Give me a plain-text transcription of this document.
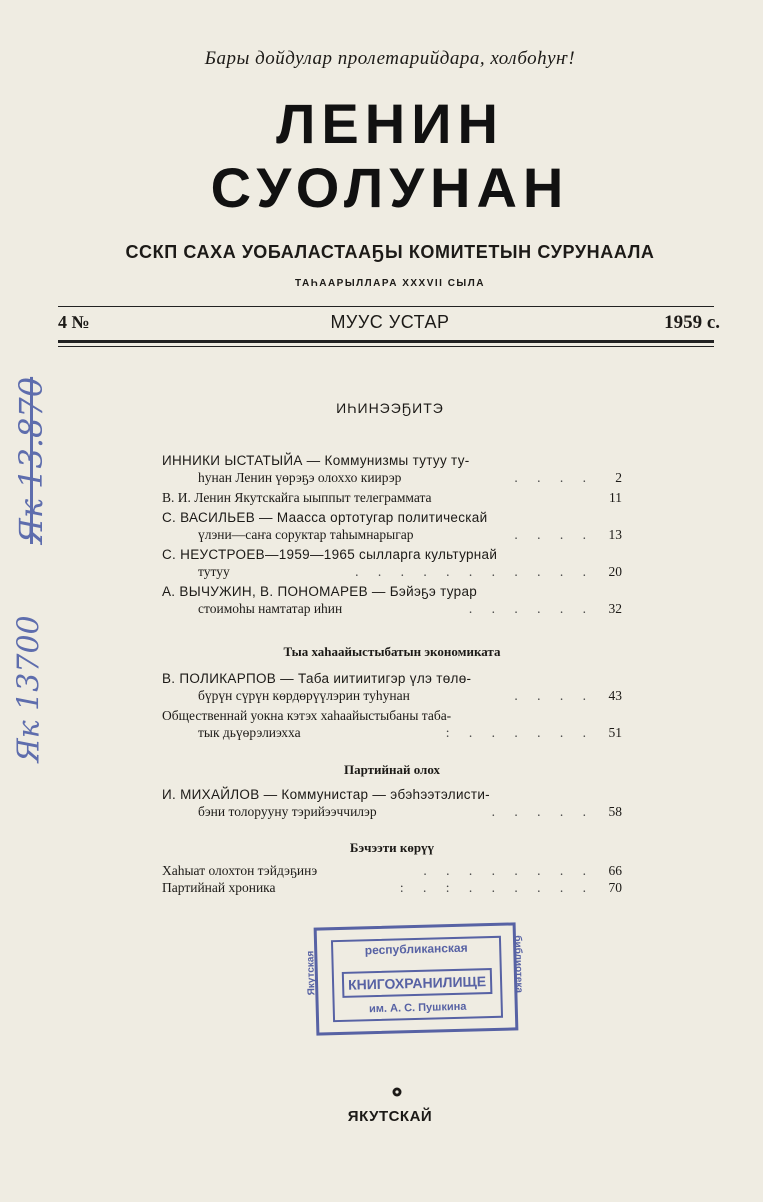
Бары дойдулар пролетарийдара, холбоһуҥ!
ЛЕНИН
СУОЛУНАН
ССКП САХА УОБАЛАСТААҔЫ КОМИТЕТЫН СУРУНААЛА
ТАҺААРЫЛЛАРА XXXVII СЫЛА
4 №	МУУС УСТАР	1959 с.
ИҺИНЭЭҔИТЭ
ИННИКИ ЫСТАТЫЙА — Коммунизмы тутуу ту-
һунан Ленин үөрэҕэ олоххо киирэр	. . . .	2
В. И. Ленин Якутскайга ыыппыт телеграммата	11
С. ВАСИЛЬЕВ — Маасса ортотугар политическай
үлэни—саҥа соруктар таһымнарыгар	. . . .	13
С. НЕУСТРОЕВ—1959—1965 сылларга культурнай
тутуу	. . . . . . . . . . .	20
А. ВЫЧУЖИН, В. ПОНОМАРЕВ — Бэйэҕэ турар
стоимоһы намтатар иһин	. . . . . .	32
Тыа хаһаайыстыбатын экономиката
В. ПОЛИКАРПОВ — Таба иитиитигэр үлэ төлө-
бүрүн сүрүн көрдөрүүлэрин туһунан	. . . .	43
Общественнай уокна кэтэх хаһаайыстыбаны таба-
тык дьүөрэлиэхха	: . . . . . .	51
Партийнай олох
И. МИХАЙЛОВ — Коммунистар — эбэһээтэлисти-
бэни толорууну тэрийээччилэр	. . . . .	58
Бэчээти көрүү
Хаһыат олохтон тэйдэҕинэ	. . . . . . . .	66
Партийнай хроника	: . : . . . . . .	70
республиканская
КНИГОХРАНИЛИЩЕ
им. А. С. Пушкина
Якутская	библиотека
Як 13.870
Як 13700
ЯКУТСКАЙ
